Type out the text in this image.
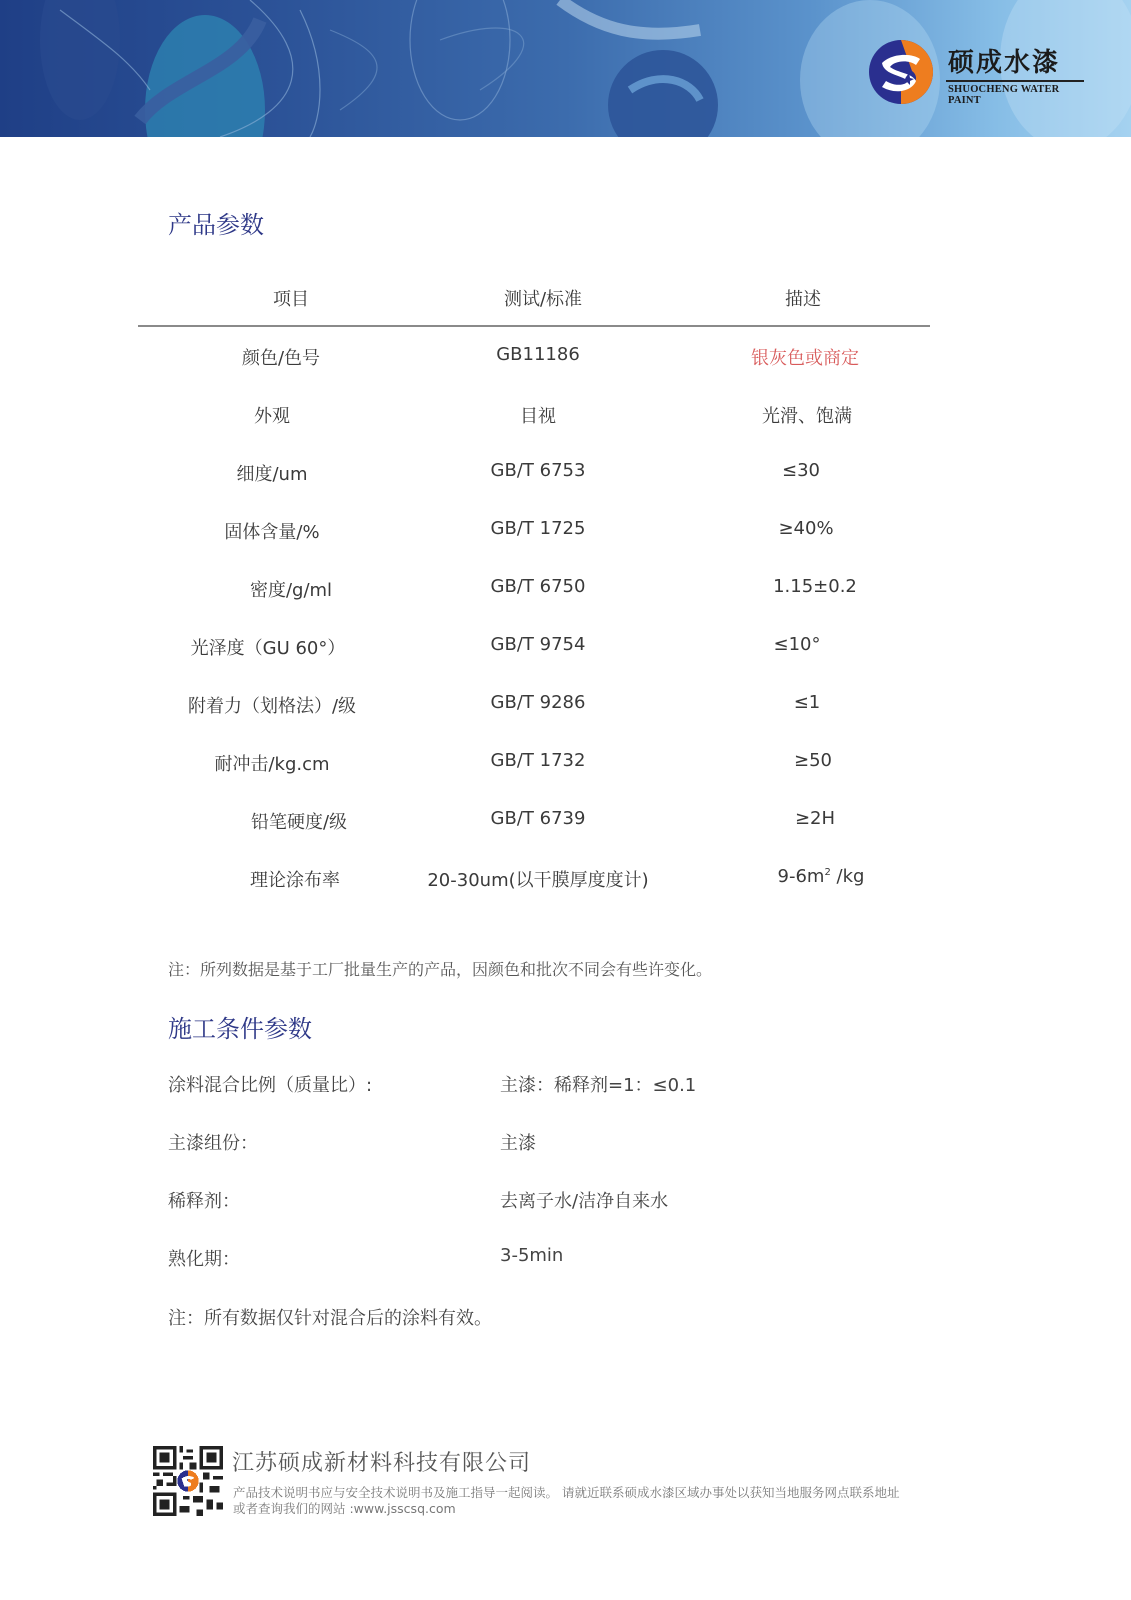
硕成水漆
SHUOCHENG WATER PAINT
产品参数
项目	测试/标准	描述
颜色/色号	GB11186	银灰色或商定
外观	目视	光滑、饱满
细度/um	GB/T 6753	≤30
固体含量/%	GB/T 1725	≥40%
密度/g/ml	GB/T 6750	1.15±0.2
光泽度（GU 60°）	GB/T 9754	≤10°
附着力（划格法）/级	GB/T 9286	≤1
耐冲击/kg.cm	GB/T 1732	≥50
铅笔硬度/级	GB/T 6739	≥2H
理论涂布率	20-30um(以干膜厚度度计)	$9-6m^2$ /kg
注：所列数据是基于工厂批量生产的产品，因颜色和批次不同会有些许变化。
施工条件参数
涂料混合比例（质量比）:	主漆：稀释剂=1：≤0.1
主漆组份：	主漆
稀释剂：	去离子水/洁净自来水
熟化期：	3-5min
注：所有数据仅针对混合后的涂料有效。
江苏硕成新材料科技有限公司
产品技术说明书应与安全技术说明书及施工指导一起阅读。 请就近联系硕成水漆区域办事处以获知当地服务网点联系地址
或者查询我们的网站 :www.jsscsq.com
